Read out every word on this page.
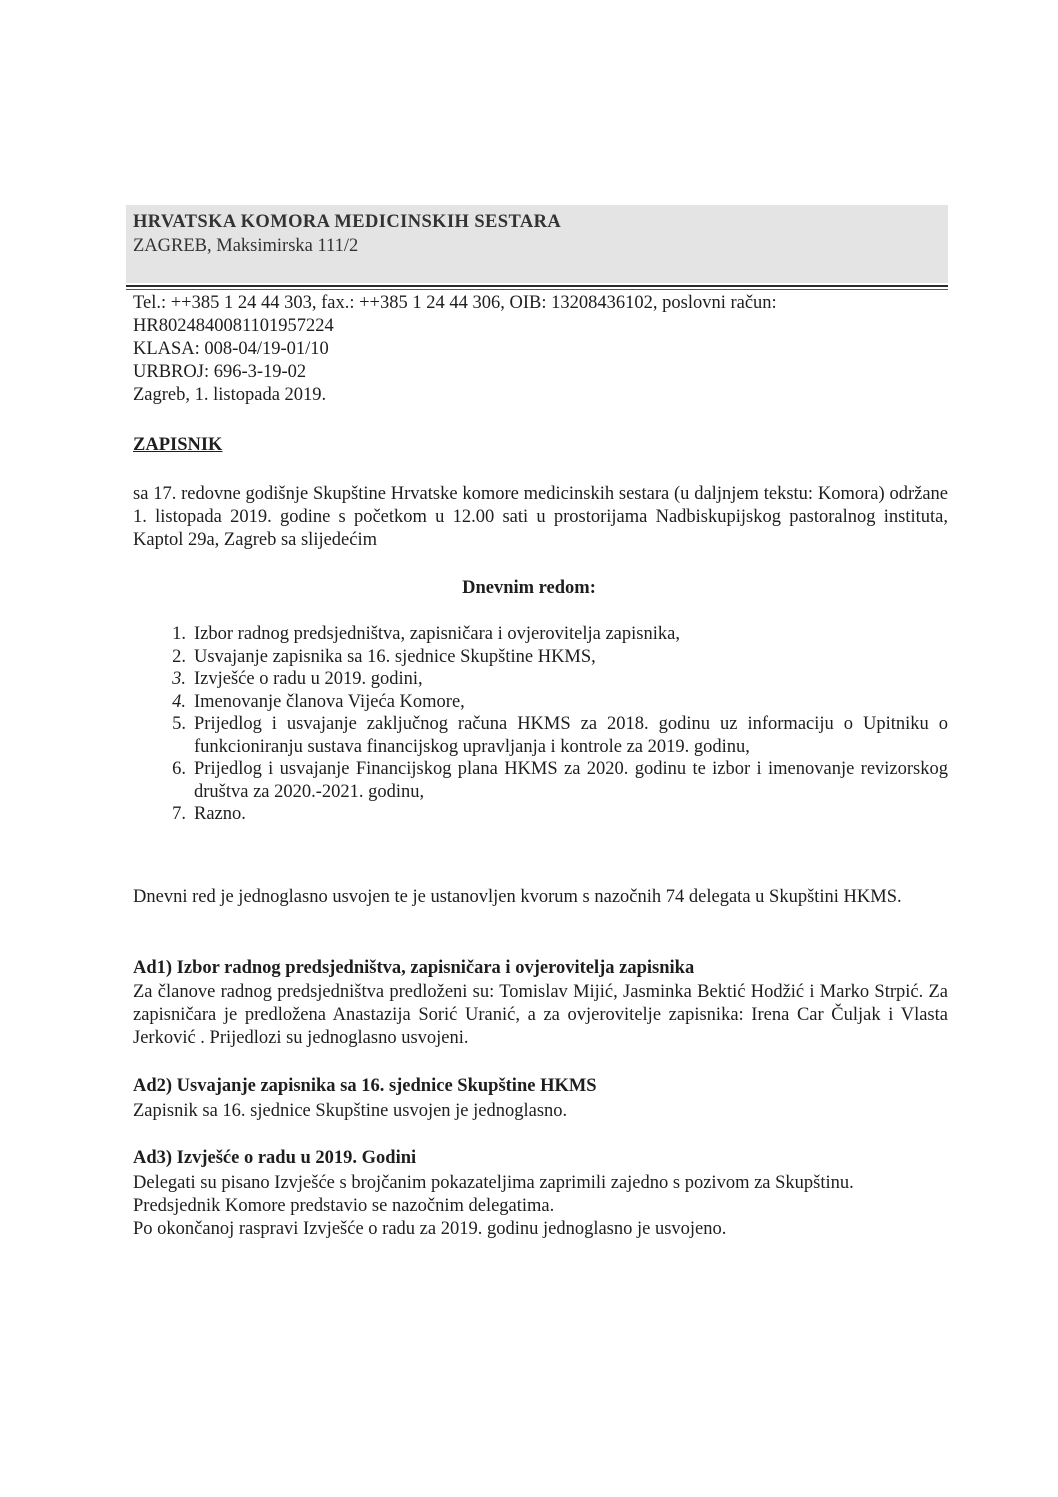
HRVATSKA KOMORA MEDICINSKIH SESTARA
ZAGREB, Maksimirska 111/2
Tel.: ++385 1 24 44 303, fax.: ++385 1 24 44 306, OIB: 13208436102, poslovni račun:
HR8024840081101957224
KLASA: 008-04/19-01/10
URBROJ: 696-3-19-02
Zagreb, 1. listopada 2019.
ZAPISNIK
sa 17. redovne godišnje Skupštine Hrvatske komore medicinskih sestara (u daljnjem tekstu: Komora) održane 1. listopada 2019. godine s početkom u 12.00 sati u prostorijama Nadbiskupijskog pastoralnog instituta, Kaptol 29a, Zagreb sa slijedećim
Dnevnim redom:
1. Izbor radnog predsjedništva, zapisničara i ovjerovitelja zapisnika,
2. Usvajanje zapisnika sa 16. sjednice Skupštine HKMS,
3. Izvješće o radu u 2019. godini,
4. Imenovanje članova Vijeća Komore,
5. Prijedlog i usvajanje zaključnog računa HKMS za 2018. godinu uz informaciju o Upitniku o funkcioniranju sustava financijskog upravljanja i kontrole za 2019. godinu,
6. Prijedlog i usvajanje Financijskog plana HKMS za 2020. godinu te izbor i imenovanje revizorskog društva za 2020.-2021. godinu,
7. Razno.
Dnevni red je jednoglasno usvojen te je ustanovljen kvorum s nazočnih 74 delegata u Skupštini HKMS.
Ad1) Izbor radnog predsjedništva, zapisničara i ovjerovitelja zapisnika
Za članove radnog predsjedništva predloženi su: Tomislav Mijić, Jasminka Bektić Hodžić i Marko Strpić. Za zapisničara je predložena Anastazija Sorić Uranić, a za ovjerovitelje zapisnika: Irena Car Čuljak i Vlasta Jerković . Prijedlozi su jednoglasno usvojeni.
Ad2) Usvajanje zapisnika sa 16. sjednice Skupštine HKMS
Zapisnik sa 16. sjednice Skupštine usvojen je jednoglasno.
Ad3) Izvješće o radu u 2019. Godini
Delegati su pisano Izvješće s brojčanim pokazateljima zaprimili zajedno s pozivom za Skupštinu.
Predsjednik Komore predstavio se nazočnim delegatima.
Po okončanoj raspravi Izvješće o radu za 2019. godinu jednoglasno je usvojeno.
